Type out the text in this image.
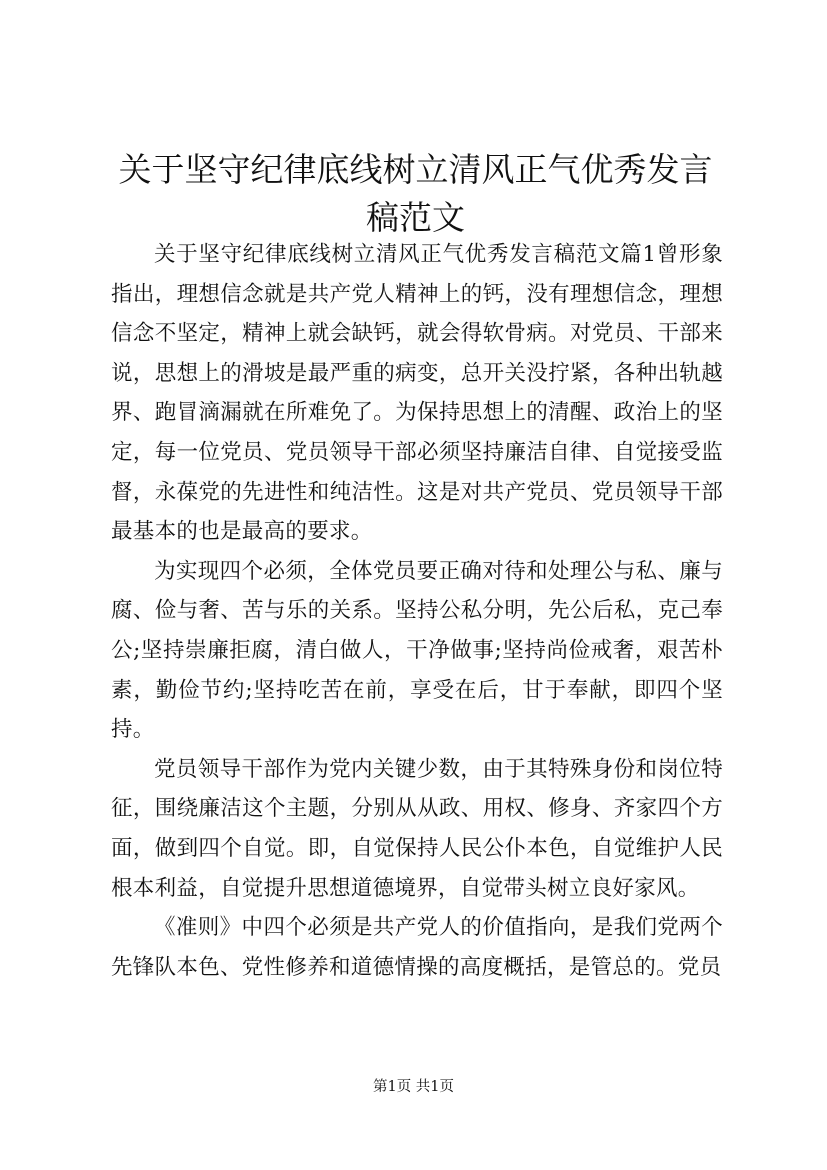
关于坚守纪律底线树立清风正气优秀发言稿范文

关于坚守纪律底线树立清风正气优秀发言稿范文篇1曾形象指出，理想信念就是共产党人精神上的钙，没有理想信念，理想信念不坚定，精神上就会缺钙，就会得软骨病。对党员、干部来说，思想上的滑坡是最严重的病变，总开关没拧紧，各种出轨越界、跑冒滴漏就在所难免了。为保持思想上的清醒、政治上的坚定，每一位党员、党员领导干部必须坚持廉洁自律、自觉接受监督，永葆党的先进性和纯洁性。这是对共产党员、党员领导干部最基本的也是最高的要求。

为实现四个必须，全体党员要正确对待和处理公与私、廉与腐、俭与奢、苦与乐的关系。坚持公私分明，先公后私，克己奉公;坚持崇廉拒腐，清白做人，干净做事;坚持尚俭戒奢，艰苦朴素，勤俭节约;坚持吃苦在前，享受在后，甘于奉献，即四个坚持。

党员领导干部作为党内关键少数，由于其特殊身份和岗位特征，围绕廉洁这个主题，分别从从政、用权、修身、齐家四个方面，做到四个自觉。即，自觉保持人民公仆本色，自觉维护人民根本利益，自觉提升思想道德境界，自觉带头树立良好家风。

《准则》中四个必须是共产党人的价值指向，是我们党两个先锋队本色、党性修养和道德情操的高度概括，是管总的。党员

第1页 共1页
